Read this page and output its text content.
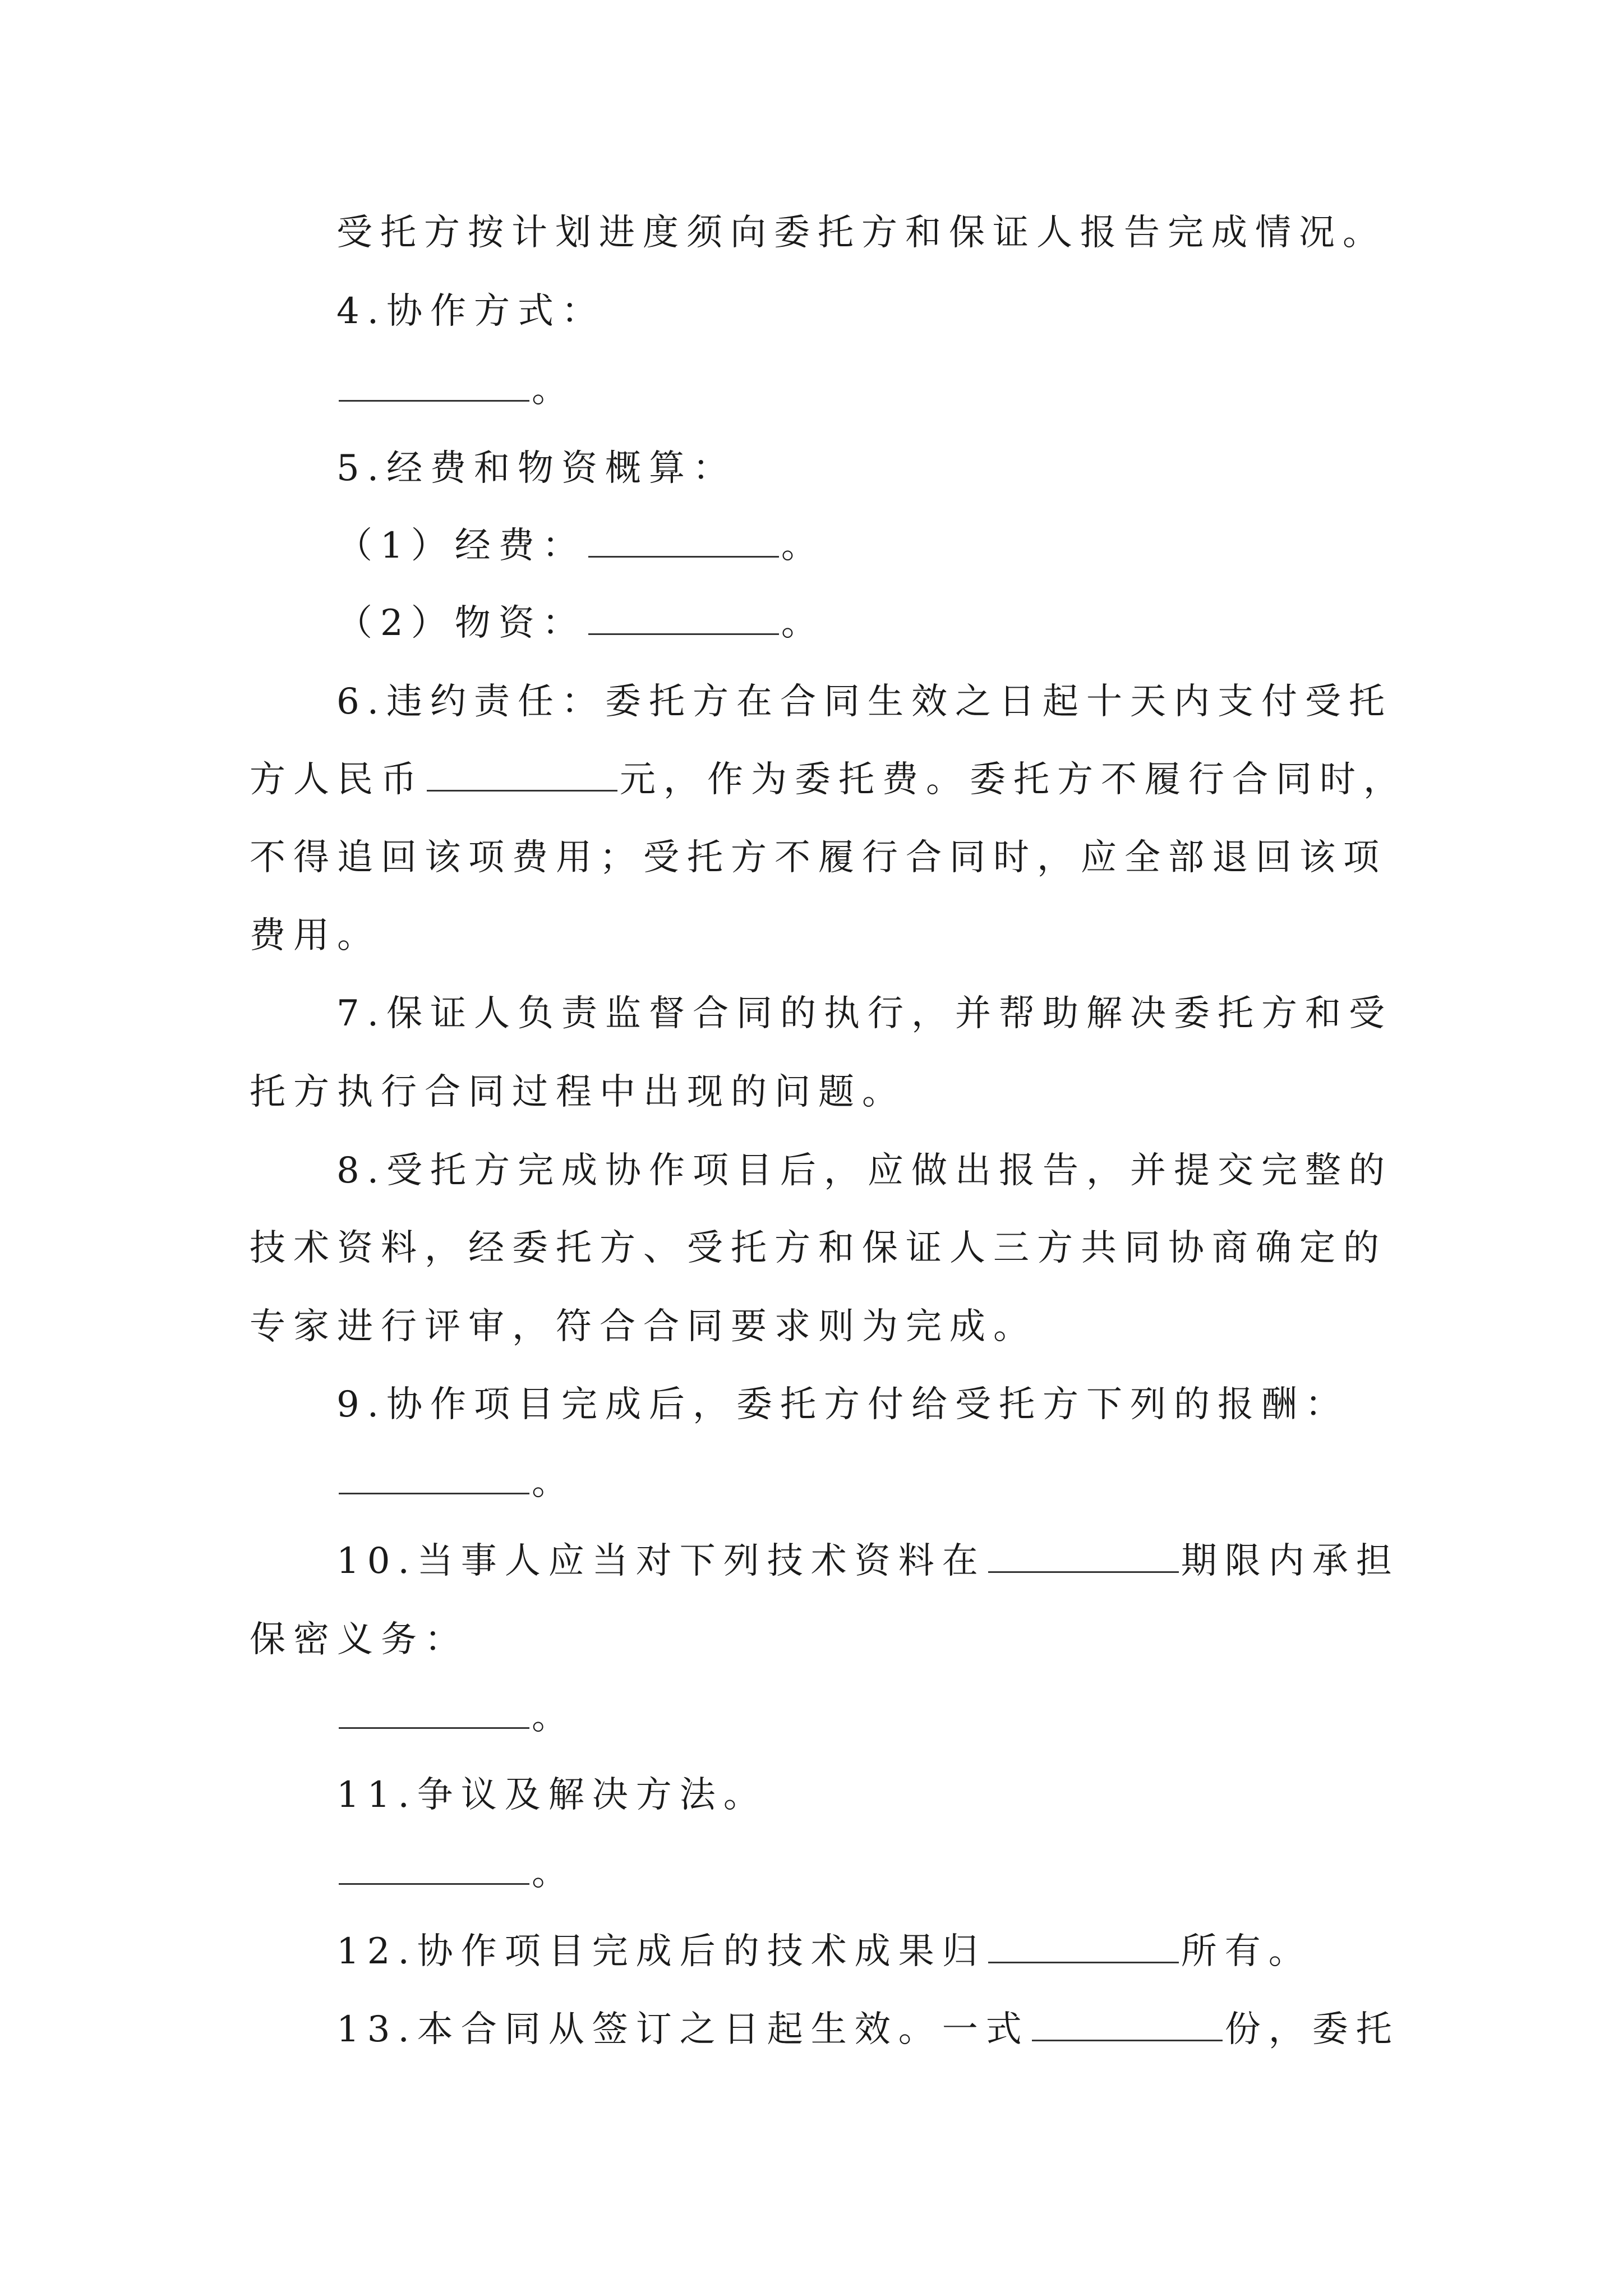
受托方按计划进度须向委托方和保证人报告完成情况。
4.协作方式：
。
5.经费和物资概算：
（1）经费：	。
（2）物资：	。
6.违约责任：委托方在合同生效之日起十天内支付受托
方人民币	元，作为委托费。委托方不履行合同时，
不得追回该项费用；受托方不履行合同时，应全部退回该项
费用。
7.保证人负责监督合同的执行，并帮助解决委托方和受
托方执行合同过程中出现的问题。
8.受托方完成协作项目后，应做出报告，并提交完整的
技术资料，经委托方、受托方和保证人三方共同协商确定的
专家进行评审，符合合同要求则为完成。
9.协作项目完成后，委托方付给受托方下列的报酬：
。
10.当事人应当对下列技术资料在	期限内承担
保密义务：
。
11.争议及解决方法。
。
12.协作项目完成后的技术成果归	所有。
13.本合同从签订之日起生效。一式	份，委托
